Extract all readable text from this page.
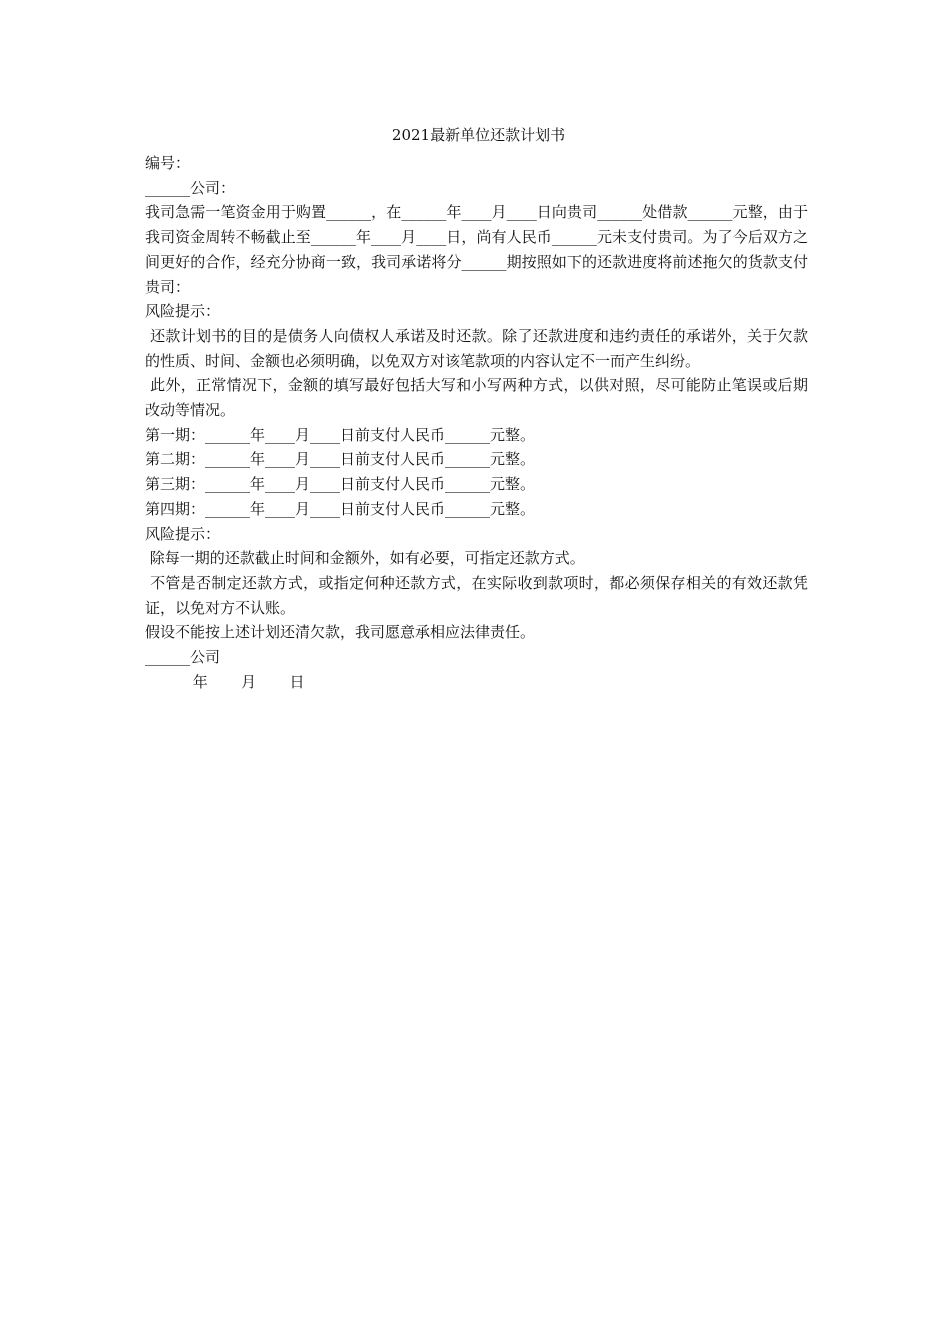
2021最新单位还款计划书

编号：

______公司：

我司急需一笔资金用于购置______，在______年____月____日向贵司______处借款______元整，由于我司资金周转不畅截止至______年____月____日，尚有人民币______元未支付贵司。为了今后双方之间更好的合作，经充分协商一致，我司承诺将分______期按照如下的还款进度将前述拖欠的货款支付贵司：

风险提示：

还款计划书的目的是债务人向债权人承诺及时还款。除了还款进度和违约责任的承诺外，关于欠款的性质、时间、金额也必须明确，以免双方对该笔款项的内容认定不一而产生纠纷。

此外，正常情况下，金额的填写最好包括大写和小写两种方式，以供对照，尽可能防止笔误或后期改动等情况。

第一期：______年____月____日前支付人民币______元整。

第二期：______年____月____日前支付人民币______元整。

第三期：______年____月____日前支付人民币______元整。

第四期：______年____月____日前支付人民币______元整。

风险提示：

除每一期的还款截止时间和金额外，如有必要，可指定还款方式。

不管是否制定还款方式，或指定何种还款方式，在实际收到款项时，都必须保存相关的有效还款凭证，以免对方不认账。

假设不能按上述计划还清欠款，我司愿意承相应法律责任。

______公司

年       月       日
